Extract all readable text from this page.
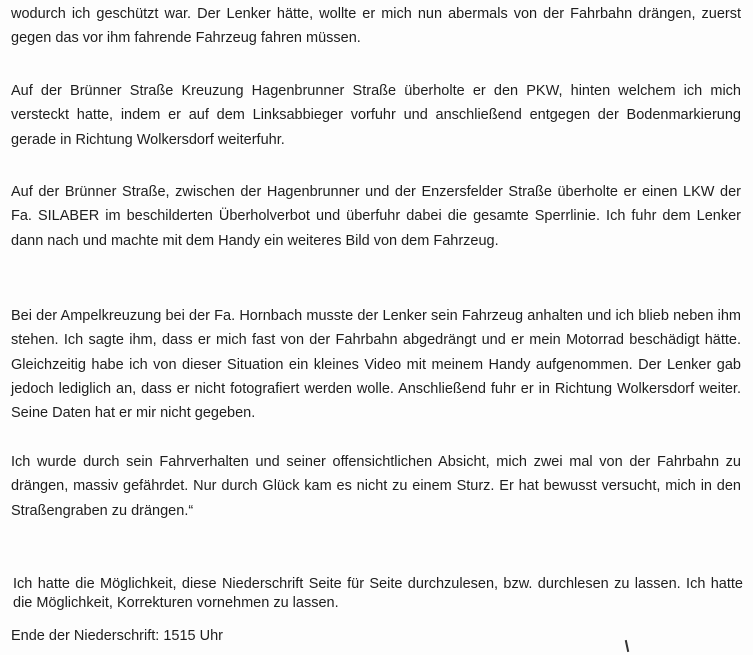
wodurch ich geschützt war. Der Lenker hätte, wollte er mich nun abermals von der Fahrbahn drängen, zuerst gegen das vor ihm fahrende Fahrzeug fahren müssen.

Auf der Brünner Straße Kreuzung Hagenbrunner Straße überholte er den PKW, hinten welchem ich mich versteckt hatte, indem er auf dem Linksabbieger vorfuhr und anschließend entgegen der Bodenmarkierung gerade in Richtung Wolkersdorf weiterfuhr.

Auf der Brünner Straße, zwischen der Hagenbrunner und der Enzersfelder Straße überholte er einen LKW der Fa. SILABER im beschilderten Überholverbot und überfuhr dabei die gesamte Sperrlinie. Ich fuhr dem Lenker dann nach und machte mit dem Handy ein weiteres Bild von dem Fahrzeug.

Bei der Ampelkreuzung bei der Fa. Hornbach musste der Lenker sein Fahrzeug anhalten und ich blieb neben ihm stehen. Ich sagte ihm, dass er mich fast von der Fahrbahn abgedrängt und er mein Motorrad beschädigt hätte. Gleichzeitig habe ich von dieser Situation ein kleines Video mit meinem Handy aufgenommen. Der Lenker gab jedoch lediglich an, dass er nicht fotografiert werden wolle. Anschließend fuhr er in Richtung Wolkersdorf weiter. Seine Daten hat er mir nicht gegeben.

Ich wurde durch sein Fahrverhalten und seiner offensichtlichen Absicht, mich zwei mal von der Fahrbahn zu drängen, massiv gefährdet. Nur durch Glück kam es nicht zu einem Sturz. Er hat bewusst versucht, mich in den Straßengraben zu drängen.“

Ich hatte die Möglichkeit, diese Niederschrift Seite für Seite durchzulesen, bzw. durchlesen zu lassen. Ich hatte die Möglichkeit, Korrekturen vornehmen zu lassen.

Ende der Niederschrift: 1515 Uhr
